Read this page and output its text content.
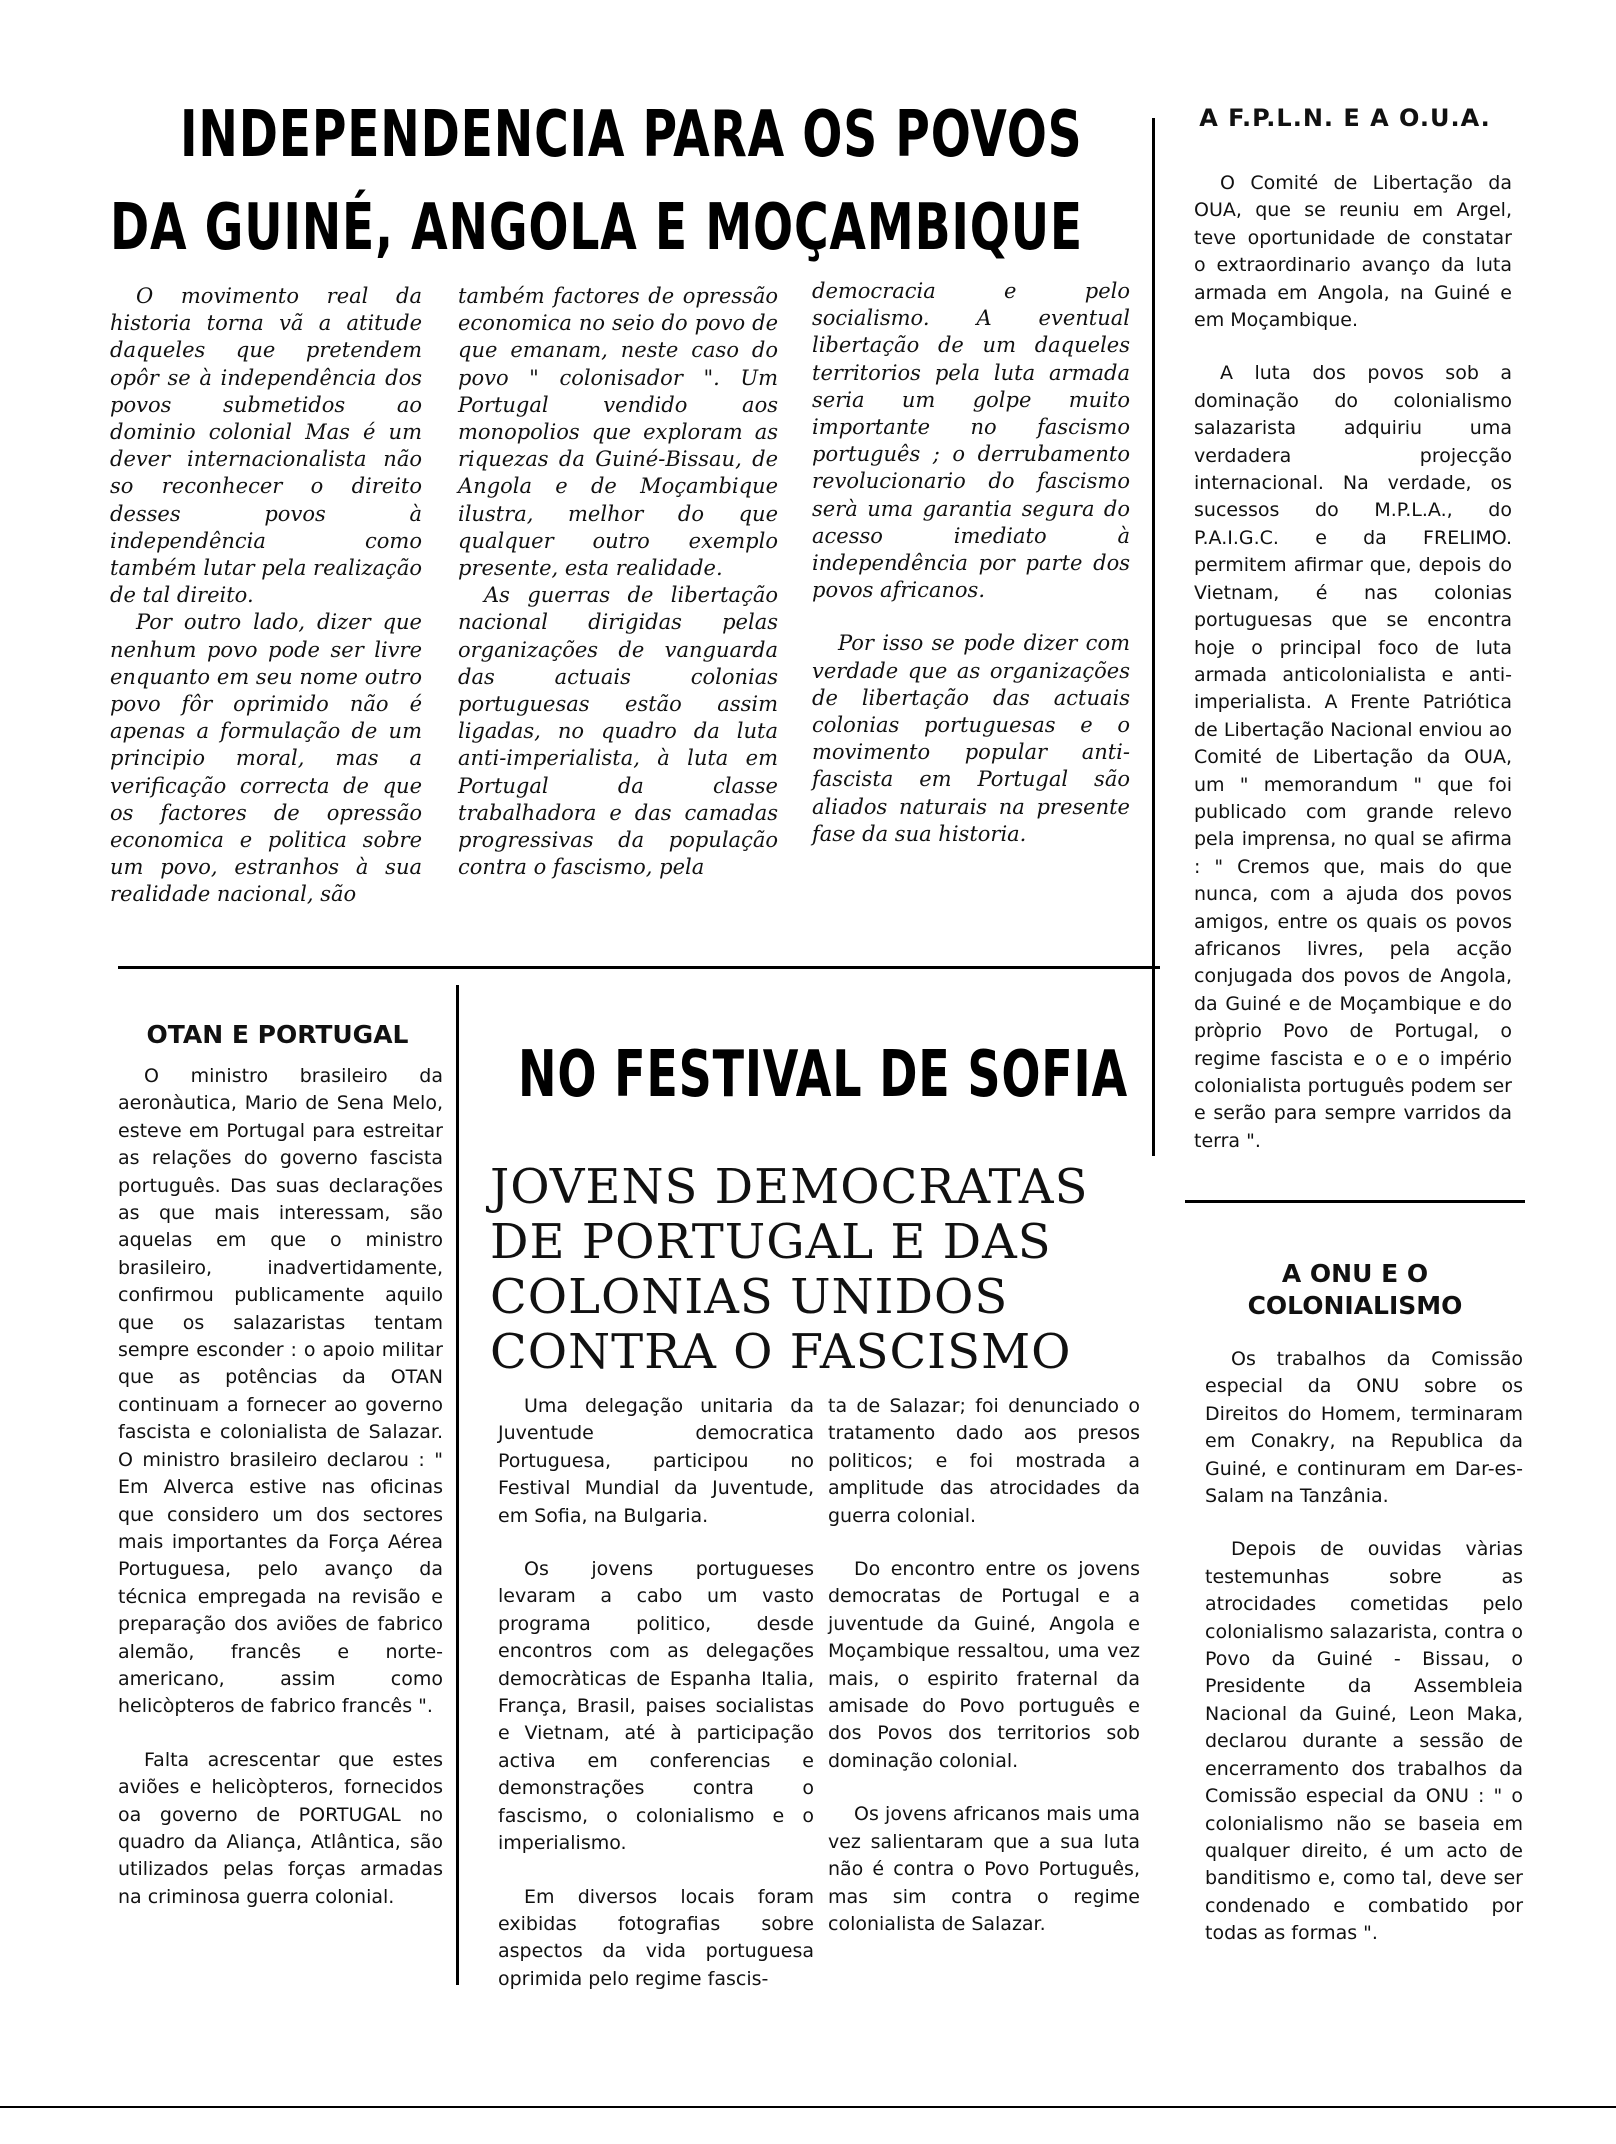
INDEPENDENCIA PARA OS POVOS
DA GUINÉ, ANGOLA E MOÇAMBIQUE

O movimento real da historia torna vã a atitude daqueles que pretendem opôr se à independência dos povos submetidos ao dominio colonial Mas é um dever internacionalista não so reconhecer o direito desses povos à independência como também lutar pela realização de tal direito.

Por outro lado, dizer que nenhum povo pode ser livre enquanto em seu nome outro povo fôr oprimido não é apenas a formulação de um principio moral, mas a verificação correcta de que os factores de opressão economica e politica sobre um povo, estranhos à sua realidade nacional, são

também factores de opressão economica no seio do povo de que emanam, neste caso do povo " colonisador ". Um Portugal vendido aos monopolios que exploram as riquezas da Guiné-Bissau, de Angola e de Moçambique ilustra, melhor do que qualquer outro exemplo presente, esta realidade.

As guerras de libertação nacional dirigidas pelas organizações de vanguarda das actuais colonias portuguesas estão assim ligadas, no quadro da luta anti-imperialista, à luta em Portugal da classe trabalhadora e das camadas progressivas da população contra o fascismo, pela

democracia e pelo socialismo. A eventual libertação de um daqueles territorios pela luta armada seria um golpe muito importante no fascismo português ; o derrubamento revolucionario do fascismo serà uma garantia segura do acesso imediato à independência por parte dos povos africanos.

Por isso se pode dizer com verdade que as organizações de libertação das actuais colonias portuguesas e o movimento popular anti-fascista em Portugal são aliados naturais na presente fase da sua historia.

A F.P.L.N. E A O.U.A.

O Comité de Libertação da OUA, que se reuniu em Argel, teve oportunidade de constatar o extraordinario avanço da luta armada em Angola, na Guiné e em Moçambique.

A luta dos povos sob a dominação do colonialismo salazarista adquiriu uma verdadera projecção internacional. Na verdade, os sucessos do M.P.L.A., do P.A.I.G.C. e da FRELIMO. permitem afirmar que, depois do Vietnam, é nas colonias portuguesas que se encontra hoje o principal foco de luta armada anticolonialista e anti-imperialista. A Frente Patriótica de Libertação Nacional enviou ao Comité de Libertação da OUA, um " memorandum " que foi publicado com grande relevo pela imprensa, no qual se afirma : " Cremos que, mais do que nunca, com a ajuda dos povos amigos, entre os quais os povos africanos livres, pela acção conjugada dos povos de Angola, da Guiné e de Moçambique e do pròprio Povo de Portugal, o regime fascista e o e o império colonialista português podem ser e serão para sempre varridos da terra ".

OTAN E PORTUGAL

O ministro brasileiro da aeronàutica, Mario de Sena Melo, esteve em Portugal para estreitar as relações do governo fascista português. Das suas declarações as que mais interessam, são aquelas em que o ministro brasileiro, inadvertidamente, confirmou publicamente aquilo que os salazaristas tentam sempre esconder : o apoio militar que as potências da OTAN continuam a fornecer ao governo fascista e colonialista de Salazar. O ministro brasileiro declarou : " Em Alverca estive nas oficinas que considero um dos sectores mais importantes da Força Aérea Portuguesa, pelo avanço da técnica empregada na revisão e preparação dos aviões de fabrico alemão, francês e norte-americano, assim como helicòpteros de fabrico francês ".

Falta acrescentar que estes aviões e helicòpteros, fornecidos oa governo de PORTUGAL no quadro da Aliança, Atlântica, são utilizados pelas forças armadas na criminosa guerra colonial.

NO FESTIVAL DE SOFIA

JOVENS DEMOCRATAS

DE PORTUGAL E DAS

COLONIAS UNIDOS

CONTRA O FASCISMO

Uma delegação unitaria da Juventude democratica Portuguesa, participou no Festival Mundial da Juventude, em Sofia, na Bulgaria.

Os jovens portugueses levaram a cabo um vasto programa politico, desde encontros com as delegações democràticas de Espanha Italia, França, Brasil, paises socialistas e Vietnam, até à participação activa em conferencias e demonstrações contra o fascismo, o colonialismo e o imperialismo.

Em diversos locais foram exibidas fotografias sobre aspectos da vida portuguesa oprimida pelo regime fascis-

ta de Salazar; foi denunciado o tratamento dado aos presos politicos; e foi mostrada a amplitude das atrocidades da guerra colonial.

Do encontro entre os jovens democratas de Portugal e a juventude da Guiné, Angola e Moçambique ressaltou, uma vez mais, o espirito fraternal da amisade do Povo português e dos Povos dos territorios sob dominação colonial.

Os jovens africanos mais uma vez salientaram que a sua luta não é contra o Povo Português, mas sim contra o regime colonialista de Salazar.

A ONU E O
COLONIALISMO

Os trabalhos da Comissão especial da ONU sobre os Direitos do Homem, terminaram em Conakry, na Republica da Guiné, e continuram em Dar-es-Salam na Tanzânia.

Depois de ouvidas vàrias testemunhas sobre as atrocidades cometidas pelo colonialismo salazarista, contra o Povo da Guiné - Bissau, o Presidente da Assembleia Nacional da Guiné, Leon Maka, declarou durante a sessão de encerramento dos trabalhos da Comissão especial da ONU : " o colonialismo não se baseia em qualquer direito, é um acto de banditismo e, como tal, deve ser condenado e combatido por todas as formas ".
